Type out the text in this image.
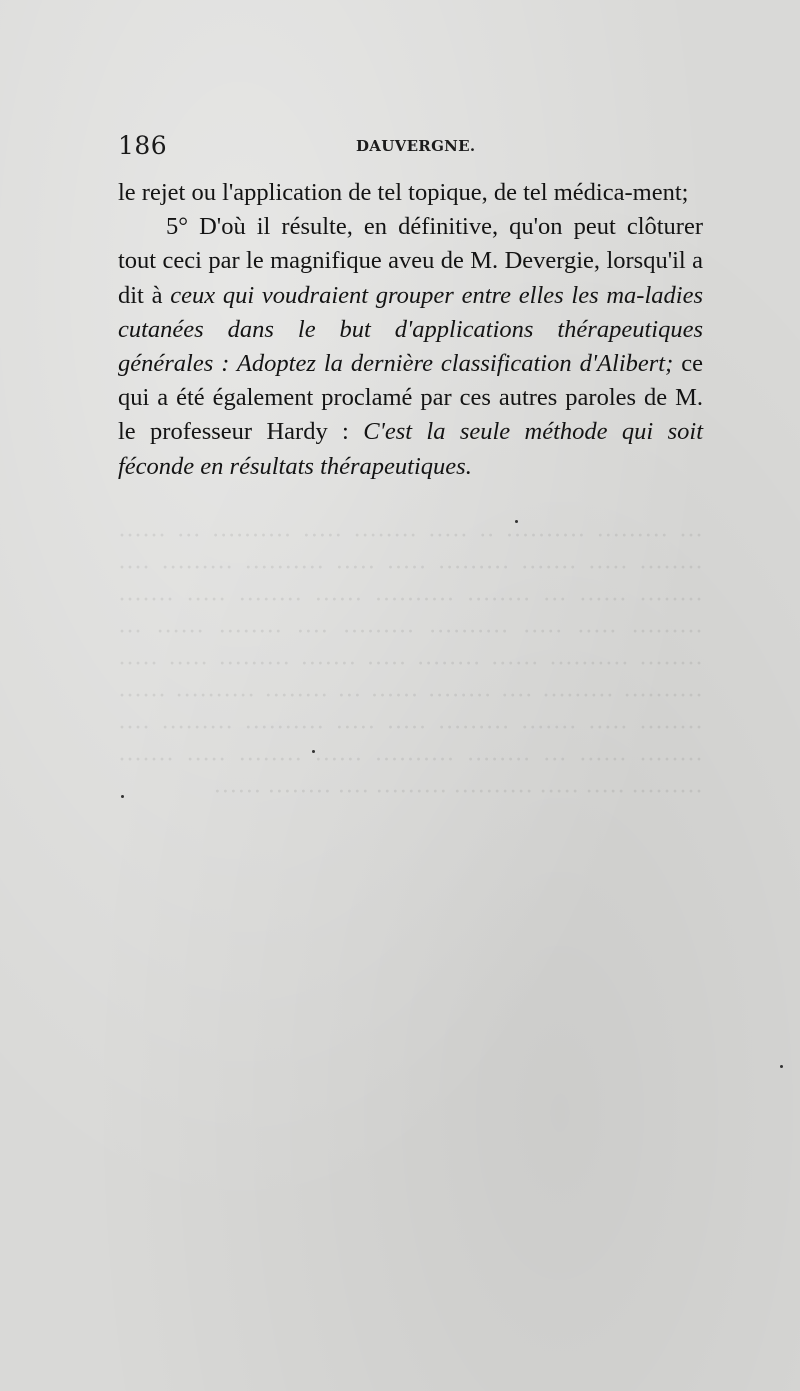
186	DAUVERGNE.

le rejet ou l'application de tel topique, de tel médica-ment;

5° D'où il résulte, en définitive, qu'on peut clôturer tout ceci par le magnifique aveu de M. Devergie, lorsqu'il a dit à ceux qui voudraient grouper entre elles les ma-ladies cutanées dans le but d'applications thérapeutiques générales : Adoptez la dernière classification d'Alibert; ce qui a été également proclamé par ces autres paroles de M. le professeur Hardy : C'est la seule méthode qui soit féconde en résultats thérapeutiques.

··· ········· ·········· ·· ····· ········ ····· ·········· ··· ······ ········ ····· ······· ········· ····· ····· ·········· ········· ···· ········ ······ ··· ········ ·········· ······ ········ ····· ······· ········· ····· ····· ·········· ········· ···· ········ ······ ··· ········ ·········· ······ ········ ····· ······· ········· ····· ····· ·········· ········· ···· ········ ······ ··· ········ ·········· ······ ········ ····· ······· ········· ····· ····· ·········· ········· ···· ········ ······ ··· ········ ·········· ······ ········ ····· ······· ········· ····· ····· ·········· ········· ···· ········ ······
